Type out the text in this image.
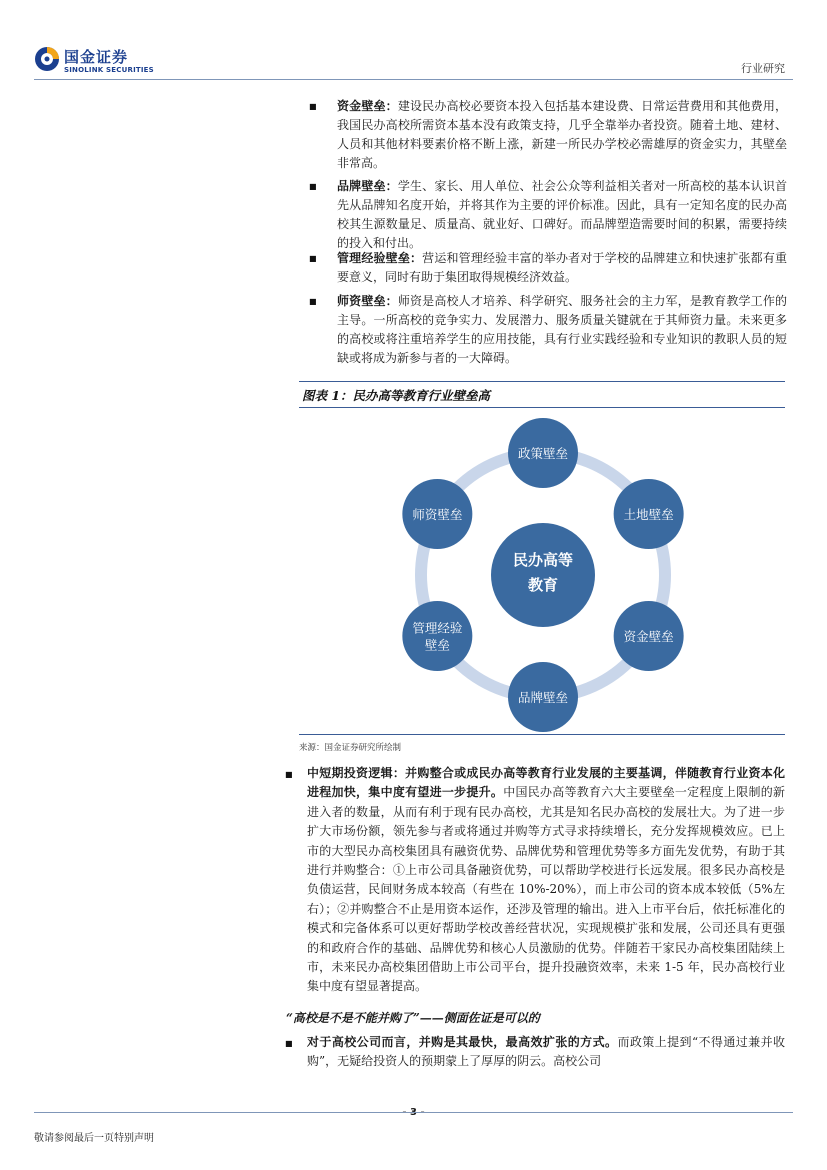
国金证券
SINOLINK SECURITIES	行业研究
■ 资金壁垒：建设民办高校必要资本投入包括基本建设费、日常运营费用和其他费用，我国民办高校所需资本基本没有政策支持，几乎全靠举办者投资。随着土地、建材、人员和其他材料要素价格不断上涨，新建一所民办学校必需雄厚的资金实力，其壁垒非常高。
■ 品牌壁垒：学生、家长、用人单位、社会公众等利益相关者对一所高校的基本认识首先从品牌知名度开始，并将其作为主要的评价标准。因此，具有一定知名度的民办高校其生源数量足、质量高、就业好、口碑好。而品牌塑造需要时间的积累，需要持续的投入和付出。
■ 管理经验壁垒：营运和管理经验丰富的举办者对于学校的品牌建立和快速扩张都有重要意义，同时有助于集团取得规模经济效益。
■ 师资壁垒：师资是高校人才培养、科学研究、服务社会的主力军，是教育教学工作的主导。一所高校的竞争实力、发展潜力、服务质量关键就在于其师资力量。未来更多的高校或将注重培养学生的应用技能，具有行业实践经验和专业知识的教职人员的短缺或将成为新参与者的一大障碍。
图表 1：民办高等教育行业壁垒高
政策壁垒
土地壁垒
资金壁垒
品牌壁垒
管理经验
壁垒
师资壁垒
民办高等
教育
来源：国金证券研究所绘制
■ 中短期投资逻辑：并购整合或成民办高等教育行业发展的主要基调，伴随教育行业资本化进程加快，集中度有望进一步提升。中国民办高等教育六大主要壁垒一定程度上限制的新进入者的数量，从而有利于现有民办高校，尤其是知名民办高校的发展壮大。为了进一步扩大市场份额，领先参与者或将通过并购等方式寻求持续增长，充分发挥规模效应。已上市的大型民办高校集团具有融资优势、品牌优势和管理优势等多方面先发优势，有助于其进行并购整合：①上市公司具备融资优势，可以帮助学校进行长远发展。很多民办高校是负债运营，民间财务成本较高（有些在 10%-20%），而上市公司的资本成本较低（5%左右）；②并购整合不止是用资本运作，还涉及管理的输出。进入上市平台后，依托标准化的模式和完备体系可以更好帮助学校改善经营状况，实现规模扩张和发展，公司还具有更强的和政府合作的基础、品牌优势和核心人员激励的优势。伴随若干家民办高校集团陆续上市，未来民办高校集团借助上市公司平台，提升投融资效率，未来 1-5 年，民办高校行业集中度有望显著提高。
“高校是不是不能并购了”——侧面佐证是可以的
■ 对于高校公司而言，并购是其最快，最高效扩张的方式。而政策上提到“不得通过兼并收购”，无疑给投资人的预期蒙上了厚厚的阴云。高校公司
- 3 -
敬请参阅最后一页特别声明
